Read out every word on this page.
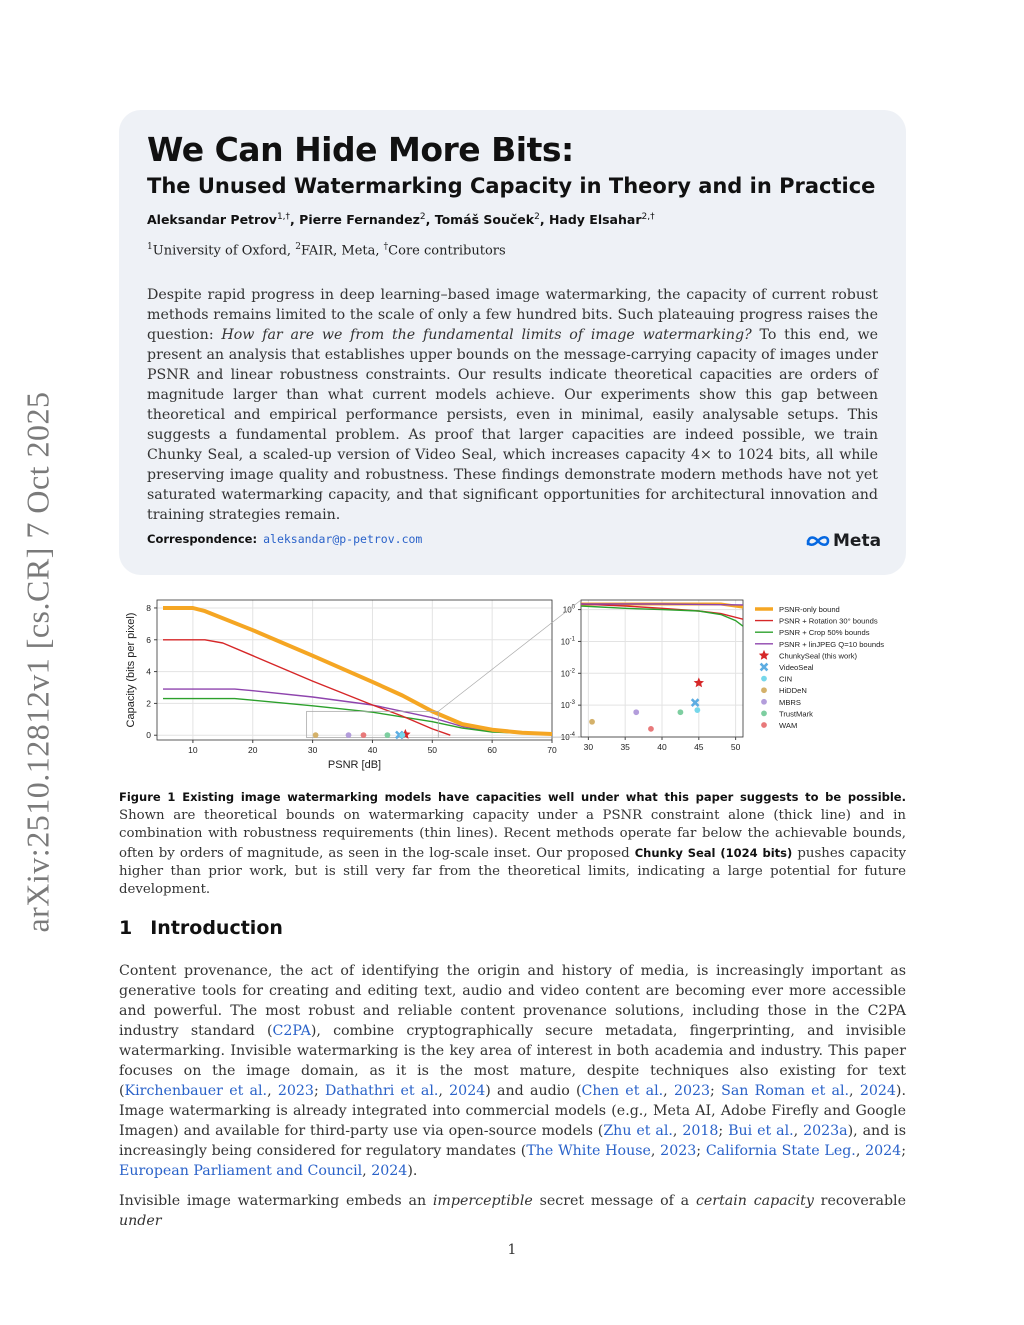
arXiv:2510.12812v1 [cs.CR] 7 Oct 2025
We Can Hide More Bits:
The Unused Watermarking Capacity in Theory and in Practice
Aleksandar Petrov$^{1,\dagger}$, Pierre Fernandez$^2$, Tomáš Souček$^2$, Hady Elsahar$^{2,\dagger}$
$^1$University of Oxford, $^2$FAIR, Meta, †Core contributors
Despite rapid progress in deep learning–based image watermarking, the capacity of current robust methods remains limited to the scale of only a few hundred bits. Such plateauing progress raises the question: How far are we from the fundamental limits of image watermarking? To this end, we present an analysis that establishes upper bounds on the message-carrying capacity of images under PSNR and linear robustness constraints. Our results indicate theoretical capacities are orders of magnitude larger than what current models achieve. Our experiments show this gap between theoretical and empirical performance persists, even in minimal, easily analysable setups. This suggests a fundamental problem. As proof that larger capacities are indeed possible, we train Chunky Seal, a scaled-up version of Video Seal, which increases capacity 4× to 1024 bits, all while preserving image quality and robustness. These findings demonstrate modern methods have not yet saturated watermarking capacity, and that significant opportunities for architectural innovation and training strategies remain.
Correspondence: aleksandar@p-petrov.com	Meta
10	20	30	40	50	60	70
0
2
4
6
8
PSNR [dB]
Capacity (bits per pixel)
30	35	40	45	50
$10^0$
$10^{-1}$
$10^{-2}$
$10^{-3}$
$10^{-4}$
PSNR-only bound
PSNR + Rotation 30° bounds
PSNR + Crop 50% bounds
PSNR + linJPEG Q=10 bounds
ChunkySeal (this work)
VideoSeal
CIN
HiDDeN
MBRS
TrustMark
WAM
Figure 1 Existing image watermarking models have capacities well under what this paper suggests to be possible. Shown are theoretical bounds on watermarking capacity under a PSNR constraint alone (thick line) and in combination with robustness requirements (thin lines). Recent methods operate far below the achievable bounds, often by orders of magnitude, as seen in the log-scale inset. Our proposed Chunky Seal (1024 bits) pushes capacity higher than prior work, but is still very far from the theoretical limits, indicating a large potential for future development.
1 Introduction

Content provenance, the act of identifying the origin and history of media, is increasingly important as generative tools for creating and editing text, audio and video content are becoming ever more accessible and powerful. The most robust and reliable content provenance solutions, including those in the C2PA industry standard (C2PA), combine cryptographically secure metadata, fingerprinting, and invisible watermarking. Invisible watermarking is the key area of interest in both academia and industry. This paper focuses on the image domain, as it is the most mature, despite techniques also existing for text (Kirchenbauer et al., 2023; Dathathri et al., 2024) and audio (Chen et al., 2023; San Roman et al., 2024). Image watermarking is already integrated into commercial models (e.g., Meta AI, Adobe Firefly and Google Imagen) and available for third-party use via open-source models (Zhu et al., 2018; Bui et al., 2023a), and is increasingly being considered for regulatory mandates (The White House, 2023; California State Leg., 2024; European Parliament and Council, 2024).

Invisible image watermarking embeds an imperceptible secret message of a certain capacity recoverable under

1
